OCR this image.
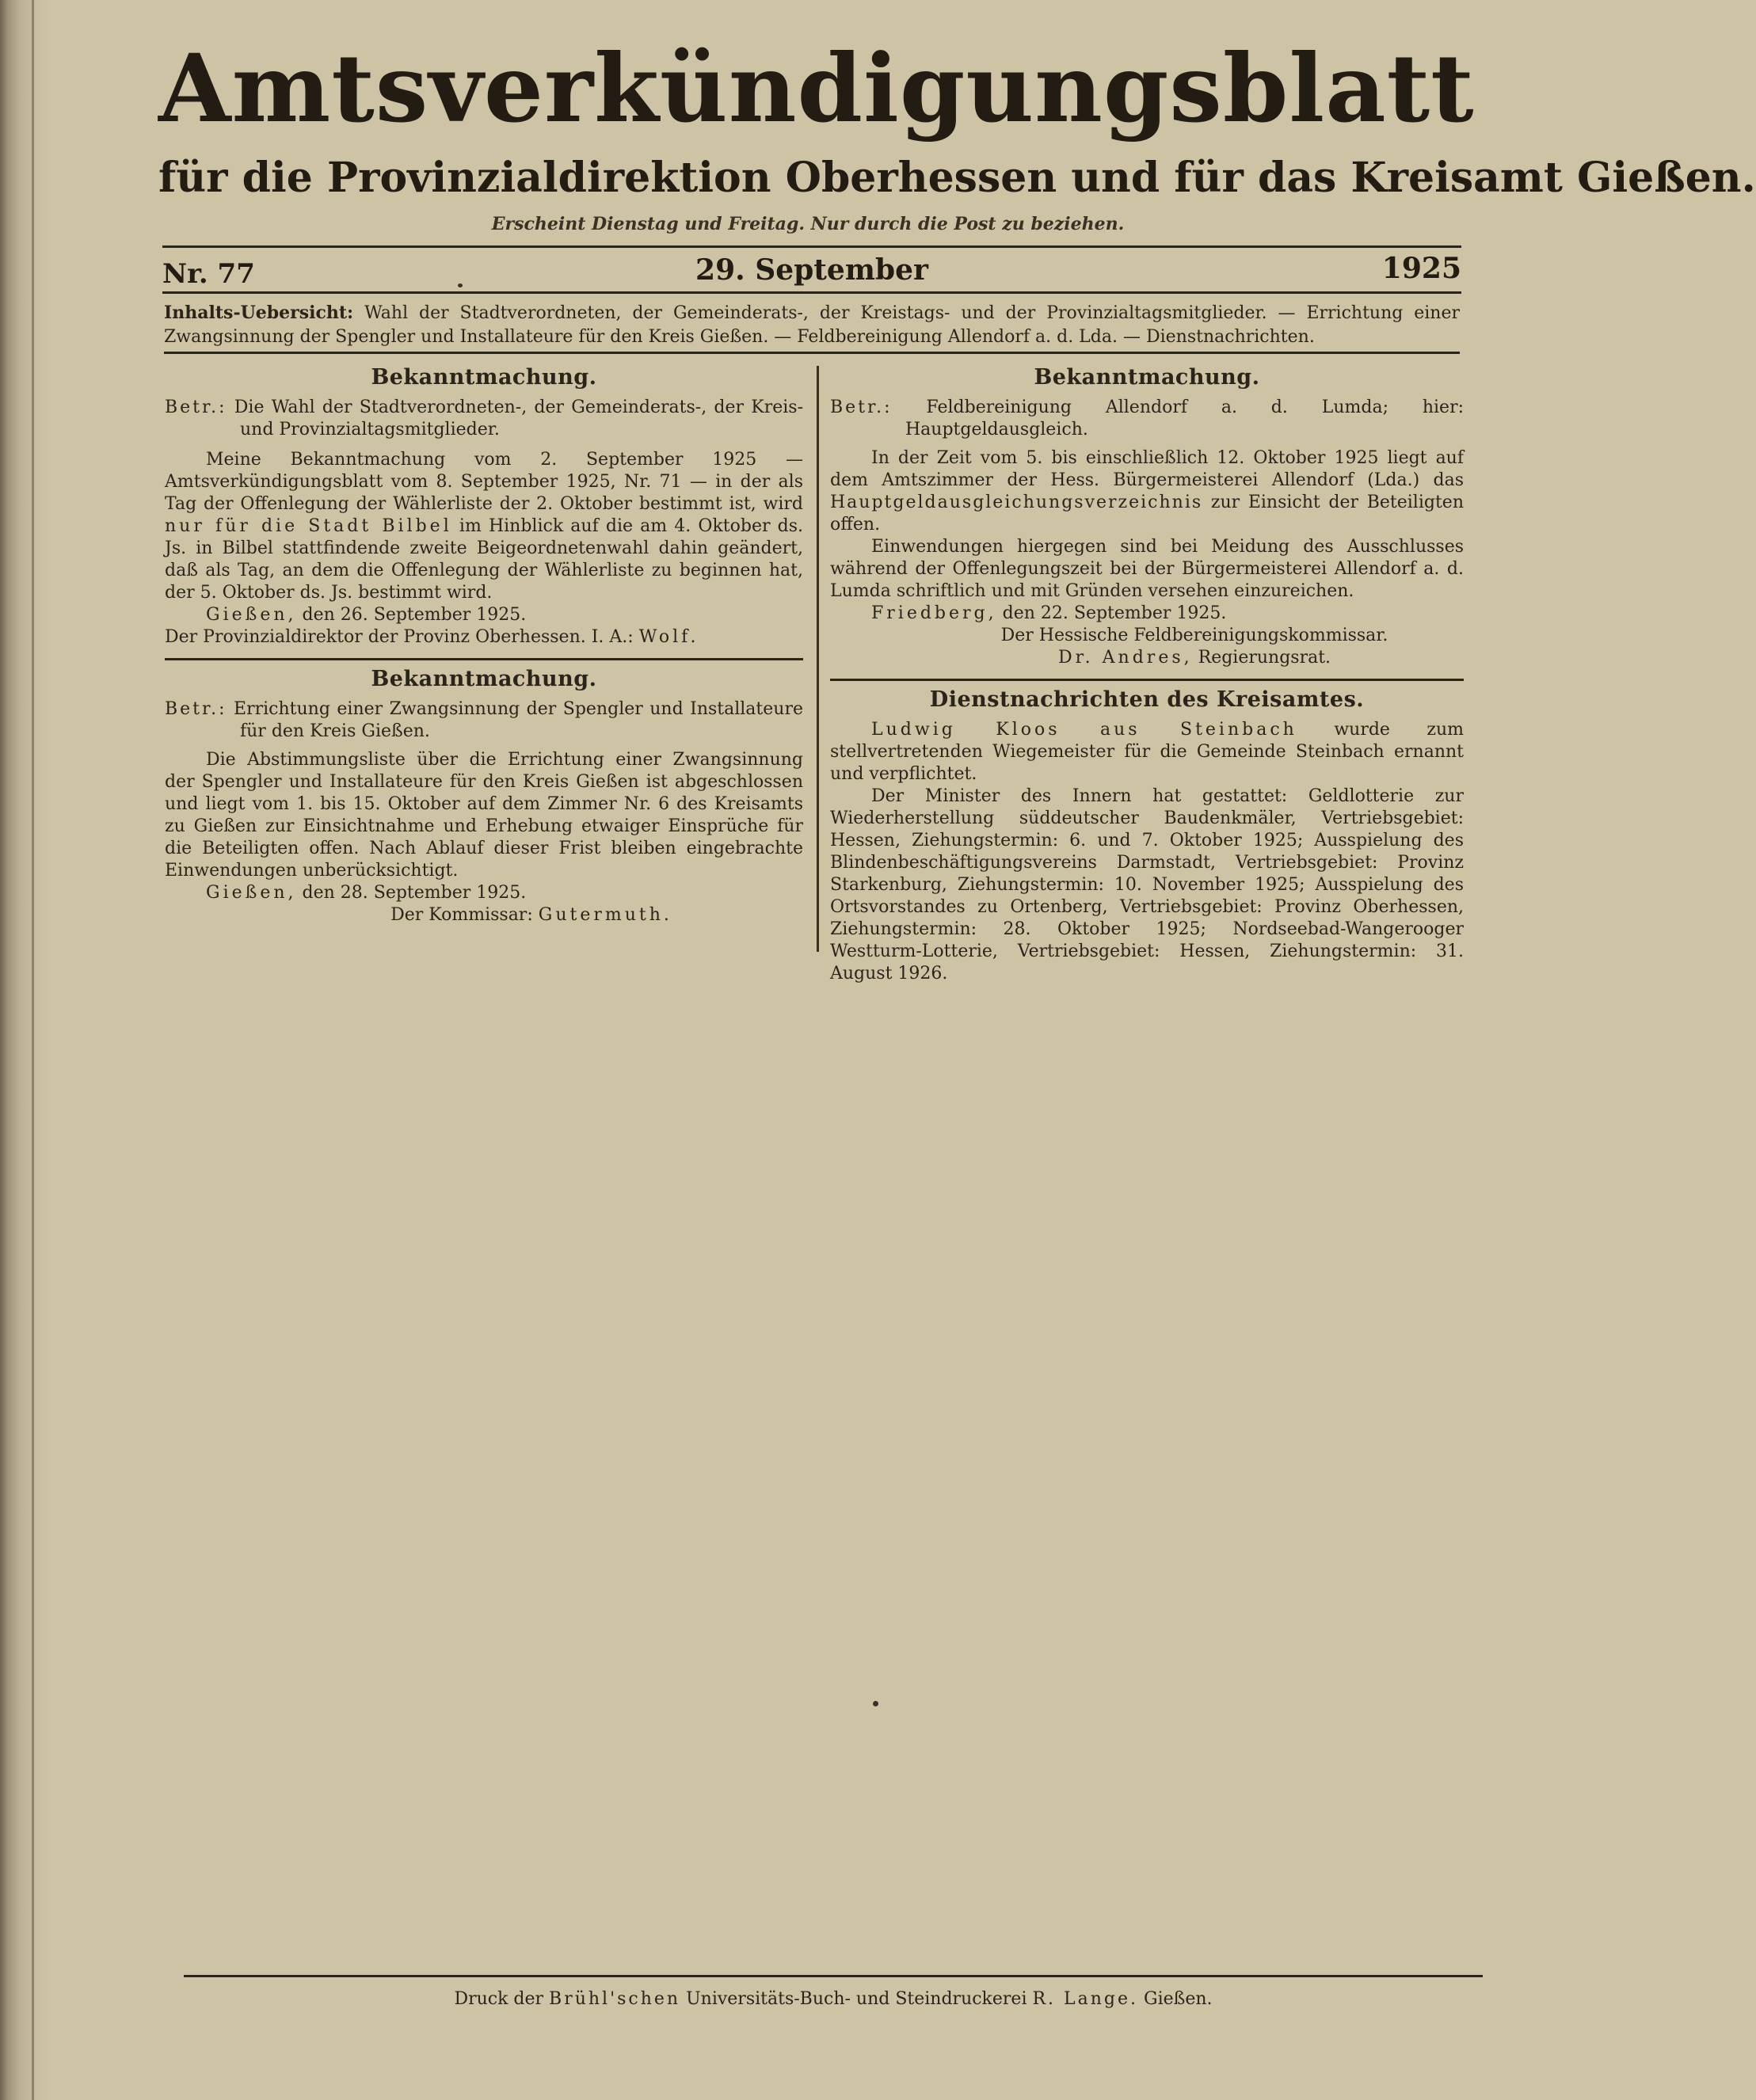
Amtsverkündigungsblatt
für die Provinzialdirektion Oberhessen und für das Kreisamt Gießen.
Erscheint Dienstag und Freitag. Nur durch die Post zu beziehen.
Nr. 77	29. September	1925
Inhalts-Uebersicht: Wahl der Stadtverordneten, der Gemeinderats-, der Kreistags- und der Provinzialtagsmitglieder. — Errichtung einer Zwangsinnung der Spengler und Installateure für den Kreis Gießen. — Feldbereinigung Allendorf a. d. Lda. — Dienstnachrichten.
Bekanntmachung.
Betr.: Die Wahl der Stadtverordneten-, der Gemeinderats-, der Kreis- und Provinzialtagsmitglieder.
Meine Bekanntmachung vom 2. September 1925 — Amtsverkündigungsblatt vom 8. September 1925, Nr. 71 — in der als Tag der Offenlegung der Wählerliste der 2. Oktober bestimmt ist, wird nur für die Stadt Bilbel im Hinblick auf die am 4. Oktober ds. Js. in Bilbel stattfindende zweite Beigeordnetenwahl dahin geändert, daß als Tag, an dem die Offenlegung der Wählerliste zu beginnen hat, der 5. Oktober ds. Js. bestimmt wird.
Gießen, den 26. September 1925.
Der Provinzialdirektor der Provinz Oberhessen. I. A.: Wolf.
Bekanntmachung.
Betr.: Errichtung einer Zwangsinnung der Spengler und Installateure für den Kreis Gießen.
Die Abstimmungsliste über die Errichtung einer Zwangsinnung der Spengler und Installateure für den Kreis Gießen ist abgeschlossen und liegt vom 1. bis 15. Oktober auf dem Zimmer Nr. 6 des Kreisamts zu Gießen zur Einsichtnahme und Erhebung etwaiger Einsprüche für die Beteiligten offen. Nach Ablauf dieser Frist bleiben eingebrachte Einwendungen unberücksichtigt.
Gießen, den 28. September 1925.
Der Kommissar: Gutermuth.
Bekanntmachung.
Betr.: Feldbereinigung Allendorf a. d. Lumda; hier: Hauptgeldausgleich.
In der Zeit vom 5. bis einschließlich 12. Oktober 1925 liegt auf dem Amtszimmer der Hess. Bürgermeisterei Allendorf (Lda.) das Hauptgeldausgleichungsverzeichnis zur Einsicht der Beteiligten offen.
Einwendungen hiergegen sind bei Meidung des Ausschlusses während der Offenlegungszeit bei der Bürgermeisterei Allendorf a. d. Lumda schriftlich und mit Gründen versehen einzureichen.
Friedberg, den 22. September 1925.
Der Hessische Feldbereinigungskommissar.
Dr. Andres, Regierungsrat.
Dienstnachrichten des Kreisamtes.
Ludwig Kloos aus Steinbach wurde zum stellvertretenden Wiegemeister für die Gemeinde Steinbach ernannt und verpflichtet.
Der Minister des Innern hat gestattet: Geldlotterie zur Wiederherstellung süddeutscher Baudenkmäler, Vertriebsgebiet: Hessen, Ziehungstermin: 6. und 7. Oktober 1925; Ausspielung des Blindenbeschäftigungsvereins Darmstadt, Vertriebsgebiet: Provinz Starkenburg, Ziehungstermin: 10. November 1925; Ausspielung des Ortsvorstandes zu Ortenberg, Vertriebsgebiet: Provinz Oberhessen, Ziehungstermin: 28. Oktober 1925; Nordseebad-Wangerooger Westturm-Lotterie, Vertriebsgebiet: Hessen, Ziehungstermin: 31. August 1926.
Druck der Brühl'schen Universitäts-Buch- und Steindruckerei R. Lange. Gießen.
